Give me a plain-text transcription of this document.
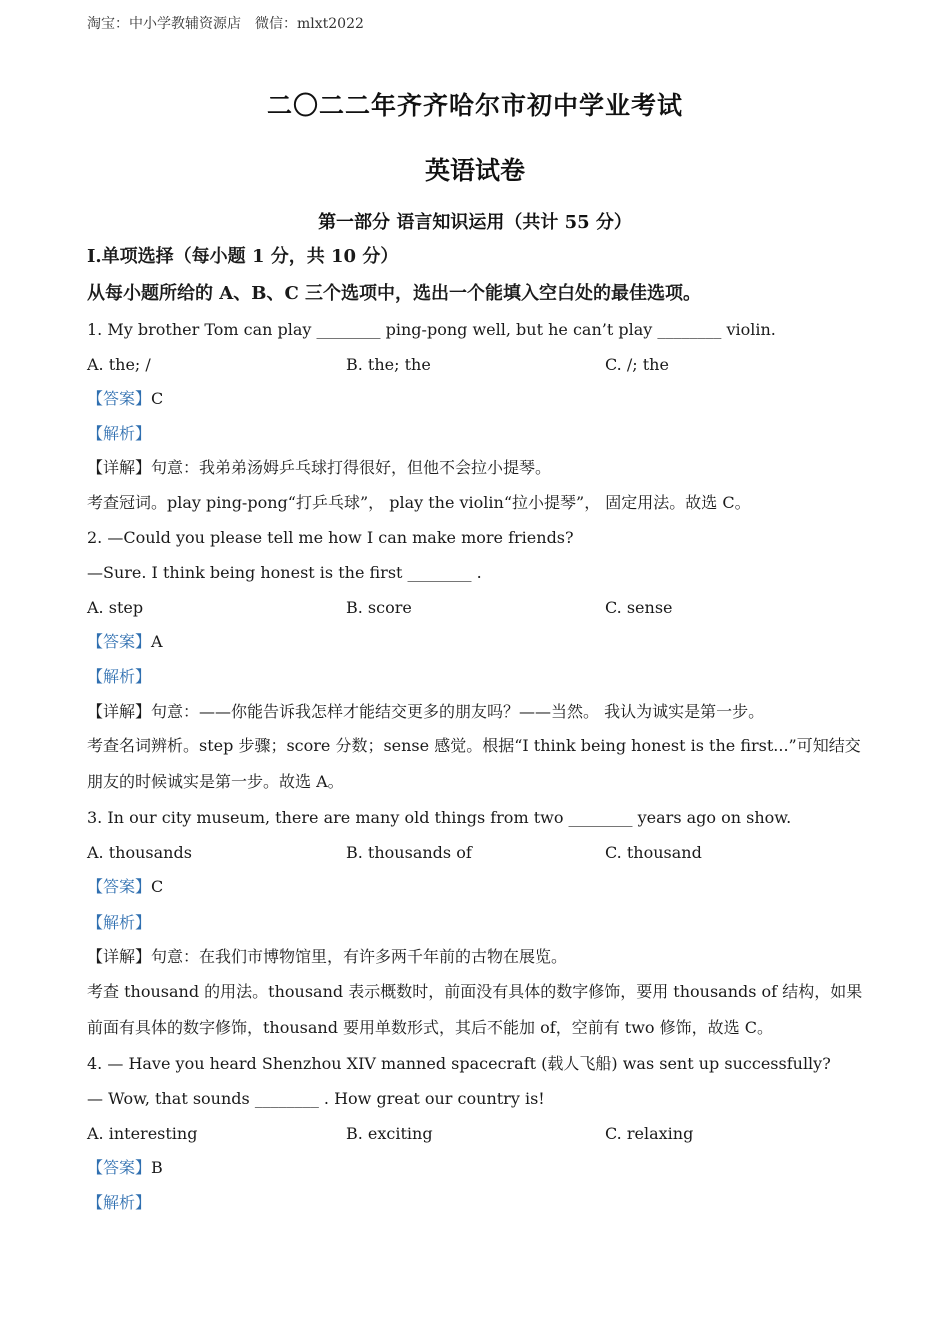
淘宝：中小学教辅资源店　微信：mlxt2022
二〇二二年齐齐哈尔市初中学业考试
英语试卷
第一部分 语言知识运用（共计 55 分）
Ⅰ.单项选择（每小题 1 分，共 10 分）
从每小题所给的 A、B、C 三个选项中，选出一个能填入空白处的最佳选项。
1. My brother Tom can play ________ ping-pong well, but he can’t play ________ violin.
A. the; /	B. the; the	C. /; the
【答案】C
【解析】
【详解】句意：我弟弟汤姆乒乓球打得很好，但他不会拉小提琴。
考查冠词。play ping-pong“打乒乓球”， play the violin“拉小提琴”， 固定用法。故选 C。
2. —Could you please tell me how I can make more friends?
—Sure. I think being honest is the first ________ .
A. step	B. score	C. sense
【答案】A
【解析】
【详解】句意：——你能告诉我怎样才能结交更多的朋友吗？——当然。 我认为诚实是第一步。
考查名词辨析。step 步骤；score 分数；sense 感觉。根据“I think being honest is the first...”可知结交朋友的时候诚实是第一步。故选 A。
3. In our city museum, there are many old things from two ________ years ago on show.
A. thousands	B. thousands of	C. thousand
【答案】C
【解析】
【详解】句意：在我们市博物馆里，有许多两千年前的古物在展览。
考查 thousand 的用法。thousand 表示概数时，前面没有具体的数字修饰，要用 thousands of 结构，如果前面有具体的数字修饰，thousand 要用单数形式，其后不能加 of，空前有 two 修饰，故选 C。
4. — Have you heard Shenzhou XIV manned spacecraft (载人飞船) was sent up successfully?
— Wow, that sounds ________ . How great our country is!
A. interesting	B. exciting	C. relaxing
【答案】B
【解析】
